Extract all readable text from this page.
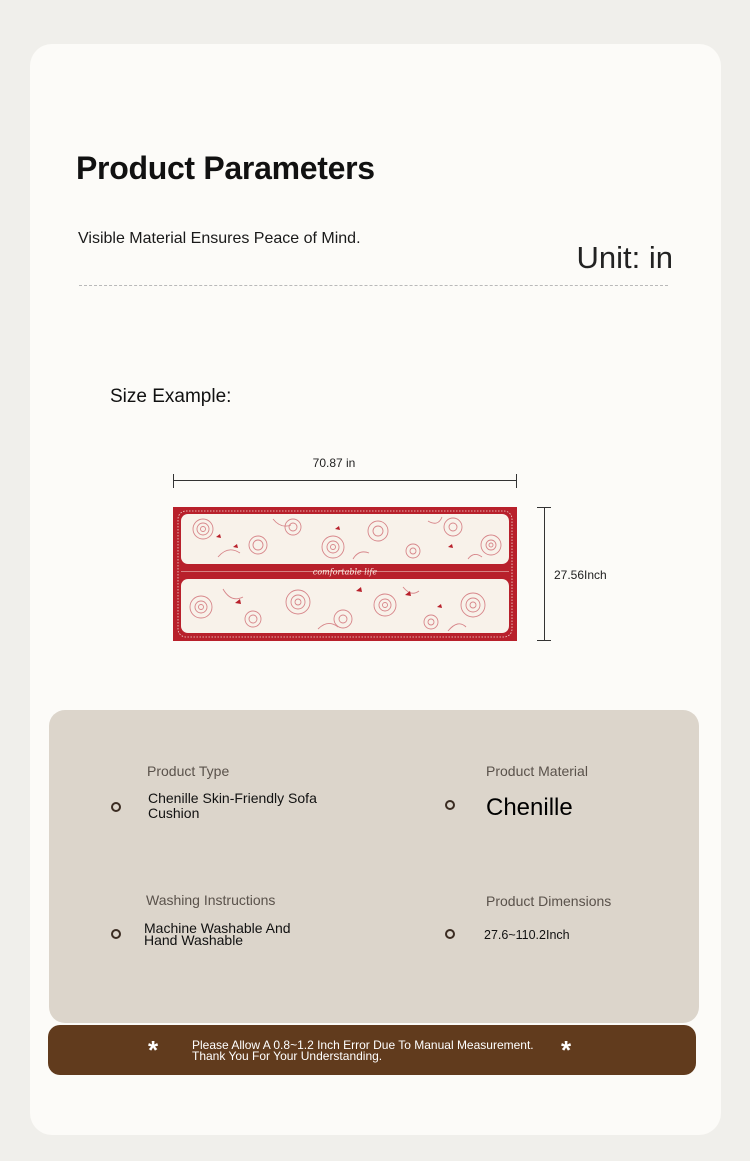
Product Parameters
Visible Material Ensures Peace of Mind.
Unit: in
Size Example:
70.87 in
comfortable life	27.56Inch
Product Type
Chenille Skin-Friendly Sofa Cushion
Product Material
Chenille
Washing Instructions
Machine Washable And Hand Washable
Product Dimensions
27.6~110.2Inch
*	Please Allow A 0.8~1.2 Inch Error Due To Manual Measurement.
Thank You For Your Understanding.	*
